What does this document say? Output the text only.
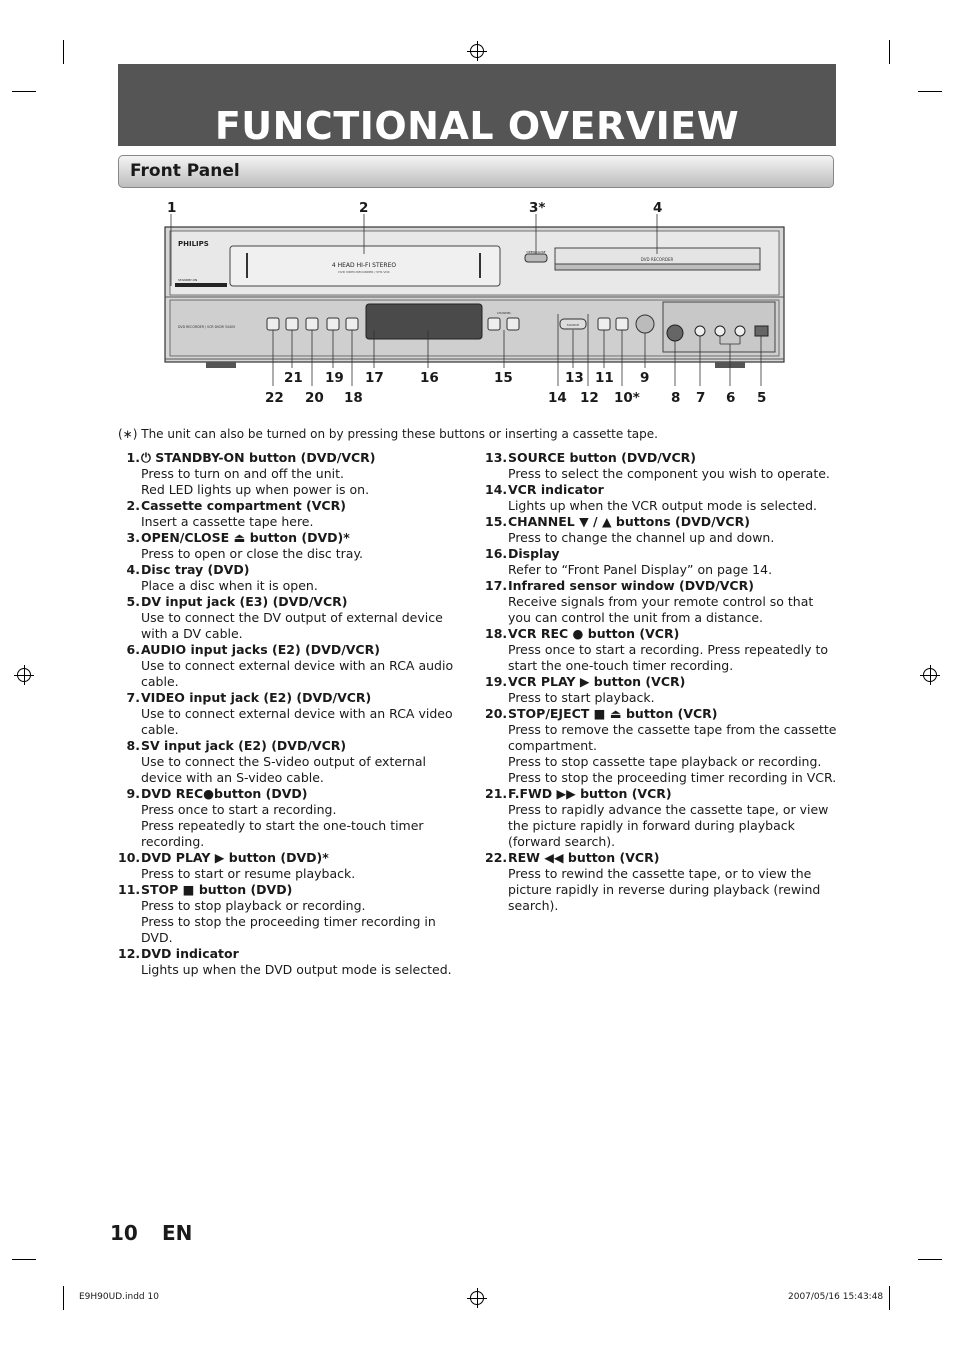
FUNCTIONAL OVERVIEW
Front Panel
PHILIPS
STANDBY-ON
4 HEAD HI-FI STEREO
DVD VIDEO RECORDER / VHS VCR
OPEN/CLOSE
DVD RECORDER
DVD RECORDER / VCR DVDR 3440V
CHANNEL
SOURCE
1	2	3*	4
21 19 17	16	15	13 11 9
22 20 18	14 12 10* 8 7 6 5
(∗) The unit can also be turned on by pressing these buttons or inserting a cassette tape.
1. ⏻ STANDBY-ON button (DVD/VCR)
Press to turn on and off the unit.
Red LED lights up when power is on.
2. Cassette compartment (VCR)
Insert a cassette tape here.
3. OPEN/CLOSE ⏏ button (DVD)*
Press to open or close the disc tray.
4. Disc tray (DVD)
Place a disc when it is open.
5. DV input jack (E3) (DVD/VCR)
Use to connect the DV output of external device with a DV cable.
6. AUDIO input jacks (E2) (DVD/VCR)
Use to connect external device with an RCA audio cable.
7. VIDEO input jack (E2) (DVD/VCR)
Use to connect external device with an RCA video cable.
8. SV input jack (E2) (DVD/VCR)
Use to connect the S-video output of external device with an S-video cable.
9. DVD REC●button (DVD)
Press once to start a recording.
Press repeatedly to start the one-touch timer recording.
10. DVD PLAY ▶ button (DVD)*
Press to start or resume playback.
11. STOP ■ button (DVD)
Press to stop playback or recording.
Press to stop the proceeding timer recording in DVD.
12. DVD indicator
Lights up when the DVD output mode is selected.
13. SOURCE button (DVD/VCR)
Press to select the component you wish to operate.
14. VCR indicator
Lights up when the VCR output mode is selected.
15. CHANNEL ▼ / ▲ buttons (DVD/VCR)
Press to change the channel up and down.
16. Display
Refer to “Front Panel Display” on page 14.
17. Infrared sensor window (DVD/VCR)
Receive signals from your remote control so that you can control the unit from a distance.
18. VCR REC ● button (VCR)
Press once to start a recording. Press repeatedly to start the one-touch timer recording.
19. VCR PLAY ▶ button (VCR)
Press to start playback.
20. STOP/EJECT ■ ⏏ button (VCR)
Press to remove the cassette tape from the cassette compartment.
Press to stop cassette tape playback or recording.
Press to stop the proceeding timer recording in VCR.
21. F.FWD ▶▶ button (VCR)
Press to rapidly advance the cassette tape, or view the picture rapidly in forward during playback (forward search).
22. REW ◀◀ button (VCR)
Press to rewind the cassette tape, or to view the picture rapidly in reverse during playback (rewind search).
10 EN
E9H90UD.indd 10	2007/05/16 15:43:48
